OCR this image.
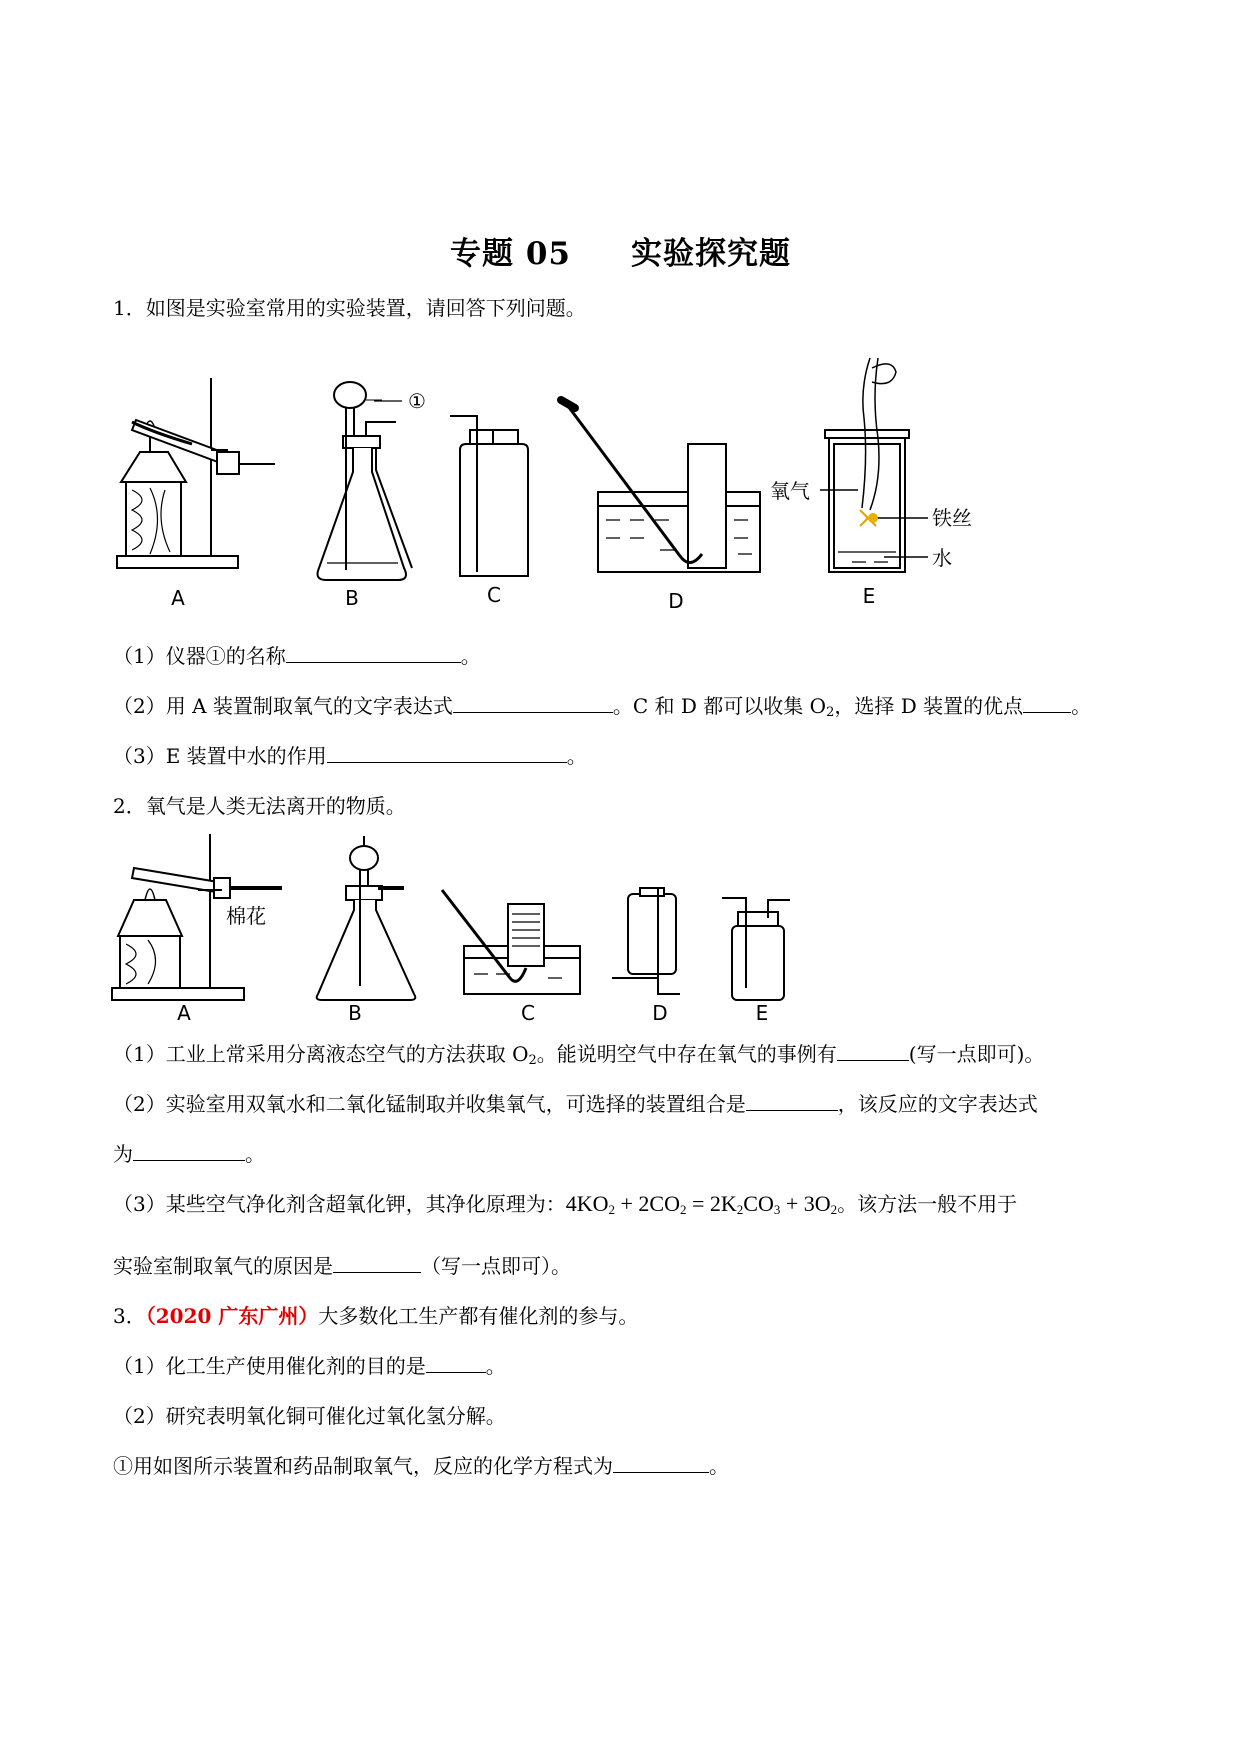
专题 05 实验探究题
1．如图是实验室常用的实验装置，请回答下列问题。
①
氧气
铁丝
水
A	B	C	D	E
（1）仪器①的名称	。
（2）用 A 装置制取氧气的文字表达式	。C 和 D 都可以收集 $O_2$，选择 D 装置的优点 。
（3）E 装置中水的作用	。
2．氧气是人类无法离开的物质。
棉花
A	B	C	D	E
（1）工业上常采用分离液态空气的方法获取 $O_2$。能说明空气中存在氧气的事例有	(写一点即可)。
（2）实验室用双氧水和二氧化锰制取并收集氧气，可选择的装置组合是	，该反应的文字表达式
为	。
（3）某些空气净化剂含超氧化钾，其净化原理为：$4KO_2 + 2CO_2 = 2K_2CO_3 + 3O_2$。该方法一般不用于
实验室制取氧气的原因是	（写一点即可）。
3．（2020 广东广州）大多数化工生产都有催化剂的参与。
（1）化工生产使用催化剂的目的是	。
（2）研究表明氧化铜可催化过氧化氢分解。
①用如图所示装置和药品制取氧气，反应的化学方程式为	。
